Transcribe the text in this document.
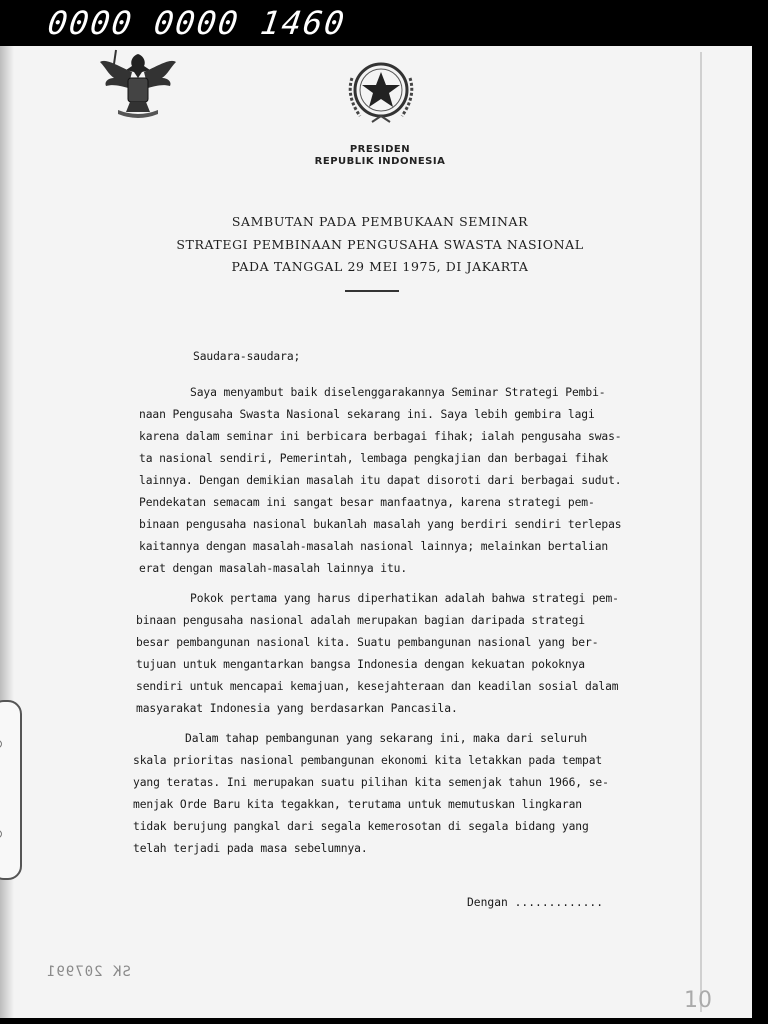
0000 0000 1460
PRESIDEN
REPUBLIK INDONESIA
SAMBUTAN PADA PEMBUKAAN SEMINAR
STRATEGI PEMBINAAN PENGUSAHA SWASTA NASIONAL
PADA TANGGAL 29 MEI 1975, DI JAKARTA
Saudara-saudara;
Saya menyambut baik diselenggarakannya Seminar Strategi Pembi-
naan Pengusaha Swasta Nasional sekarang ini. Saya lebih gembira lagi
karena dalam seminar ini berbicara berbagai fihak; ialah pengusaha swas-
ta nasional sendiri, Pemerintah, lembaga pengkajian dan berbagai fihak
lainnya. Dengan demikian masalah itu dapat disoroti dari berbagai sudut.
Pendekatan semacam ini sangat besar manfaatnya, karena strategi pem-
binaan pengusaha nasional bukanlah masalah yang berdiri sendiri terlepas
kaitannya dengan masalah-masalah nasional lainnya; melainkan bertalian
erat dengan masalah-masalah lainnya itu.
Pokok pertama yang harus diperhatikan adalah bahwa strategi pem-
binaan pengusaha nasional adalah merupakan bagian daripada strategi
besar pembangunan nasional kita. Suatu pembangunan nasional yang ber-
tujuan untuk mengantarkan bangsa Indonesia dengan kekuatan pokoknya
sendiri untuk mencapai kemajuan, kesejahteraan dan keadilan sosial dalam
masyarakat Indonesia yang berdasarkan Pancasila.
Dalam tahap pembangunan yang sekarang ini, maka dari seluruh
skala prioritas nasional pembangunan ekonomi kita letakkan pada tempat
yang teratas. Ini merupakan suatu pilihan kita semenjak tahun 1966, se-
menjak Orde Baru kita tegakkan, terutama untuk memutuskan lingkaran
tidak berujung pangkal dari segala kemerosotan di segala bidang yang
telah terjadi pada masa sebelumnya.
Dengan .............
SK 207991
10
